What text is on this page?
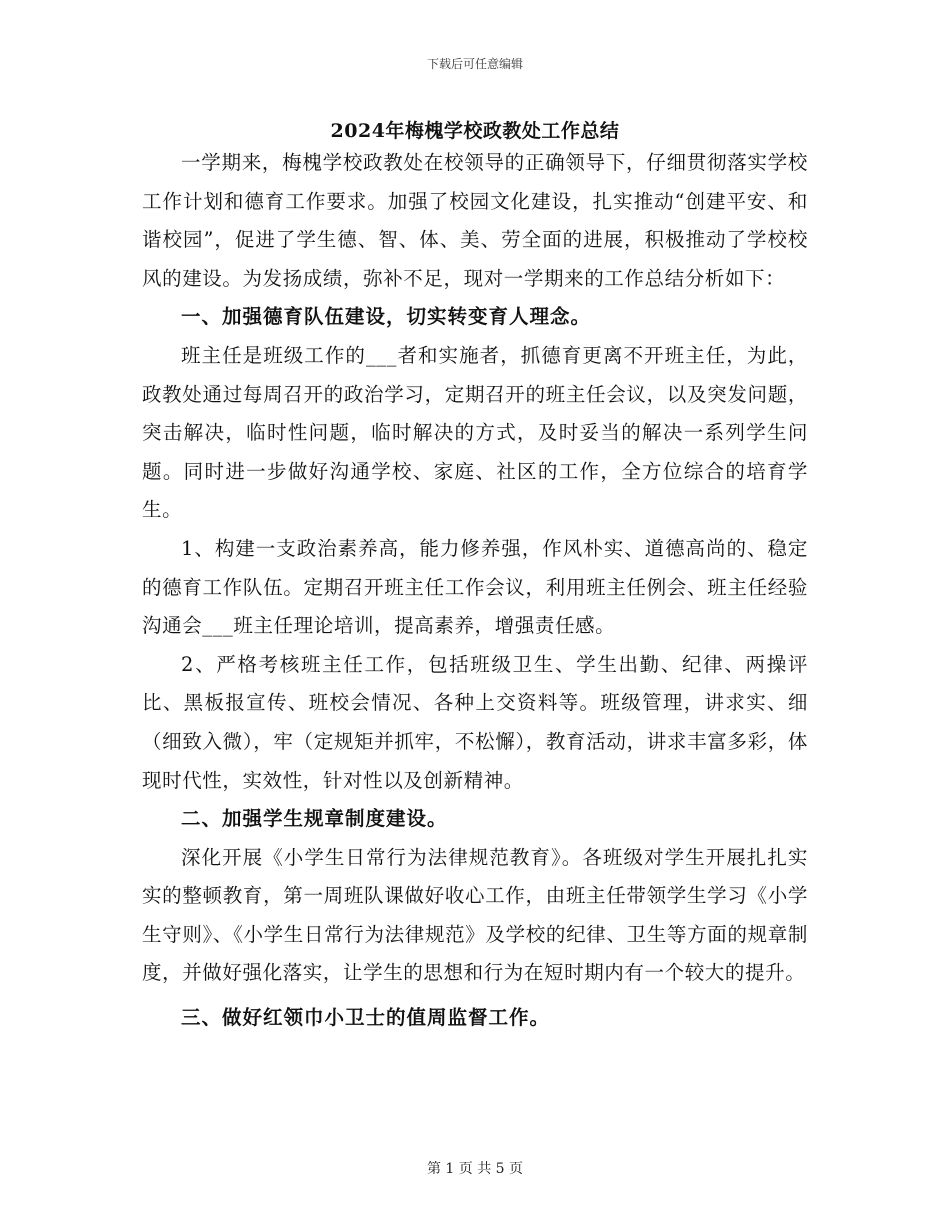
下载后可任意编辑
2024年梅槐学校政教处工作总结

一学期来，梅槐学校政教处在校领导的正确领导下，仔细贯彻落实学校工作计划和德育工作要求。加强了校园文化建设，扎实推动“创建平安、和谐校园”，促进了学生德、智、体、美、劳全面的进展，积极推动了学校校风的建设。为发扬成绩，弥补不足，现对一学期来的工作总结分析如下：

一、加强德育队伍建设，切实转变育人理念。

班主任是班级工作的___者和实施者，抓德育更离不开班主任，为此，政教处通过每周召开的政治学习，定期召开的班主任会议，以及突发问题，突击解决，临时性问题，临时解决的方式，及时妥当的解决一系列学生问题。同时进一步做好沟通学校、家庭、社区的工作，全方位综合的培育学生。

1、构建一支政治素养高，能力修养强，作风朴实、道德高尚的、稳定的德育工作队伍。定期召开班主任工作会议，利用班主任例会、班主任经验沟通会___班主任理论培训，提高素养，增强责任感。

2、严格考核班主任工作，包括班级卫生、学生出勤、纪律、两操评比、黑板报宣传、班校会情况、各种上交资料等。班级管理，讲求实、细（细致入微），牢（定规矩并抓牢，不松懈），教育活动，讲求丰富多彩，体现时代性，实效性，针对性以及创新精神。

二、加强学生规章制度建设。

深化开展《小学生日常行为法律规范教育》。各班级对学生开展扎扎实实的整顿教育，第一周班队课做好收心工作，由班主任带领学生学习《小学生守则》、《小学生日常行为法律规范》及学校的纪律、卫生等方面的规章制度，并做好强化落实，让学生的思想和行为在短时期内有一个较大的提升。

三、做好红领巾小卫士的值周监督工作。

第 1 页 共 5 页
